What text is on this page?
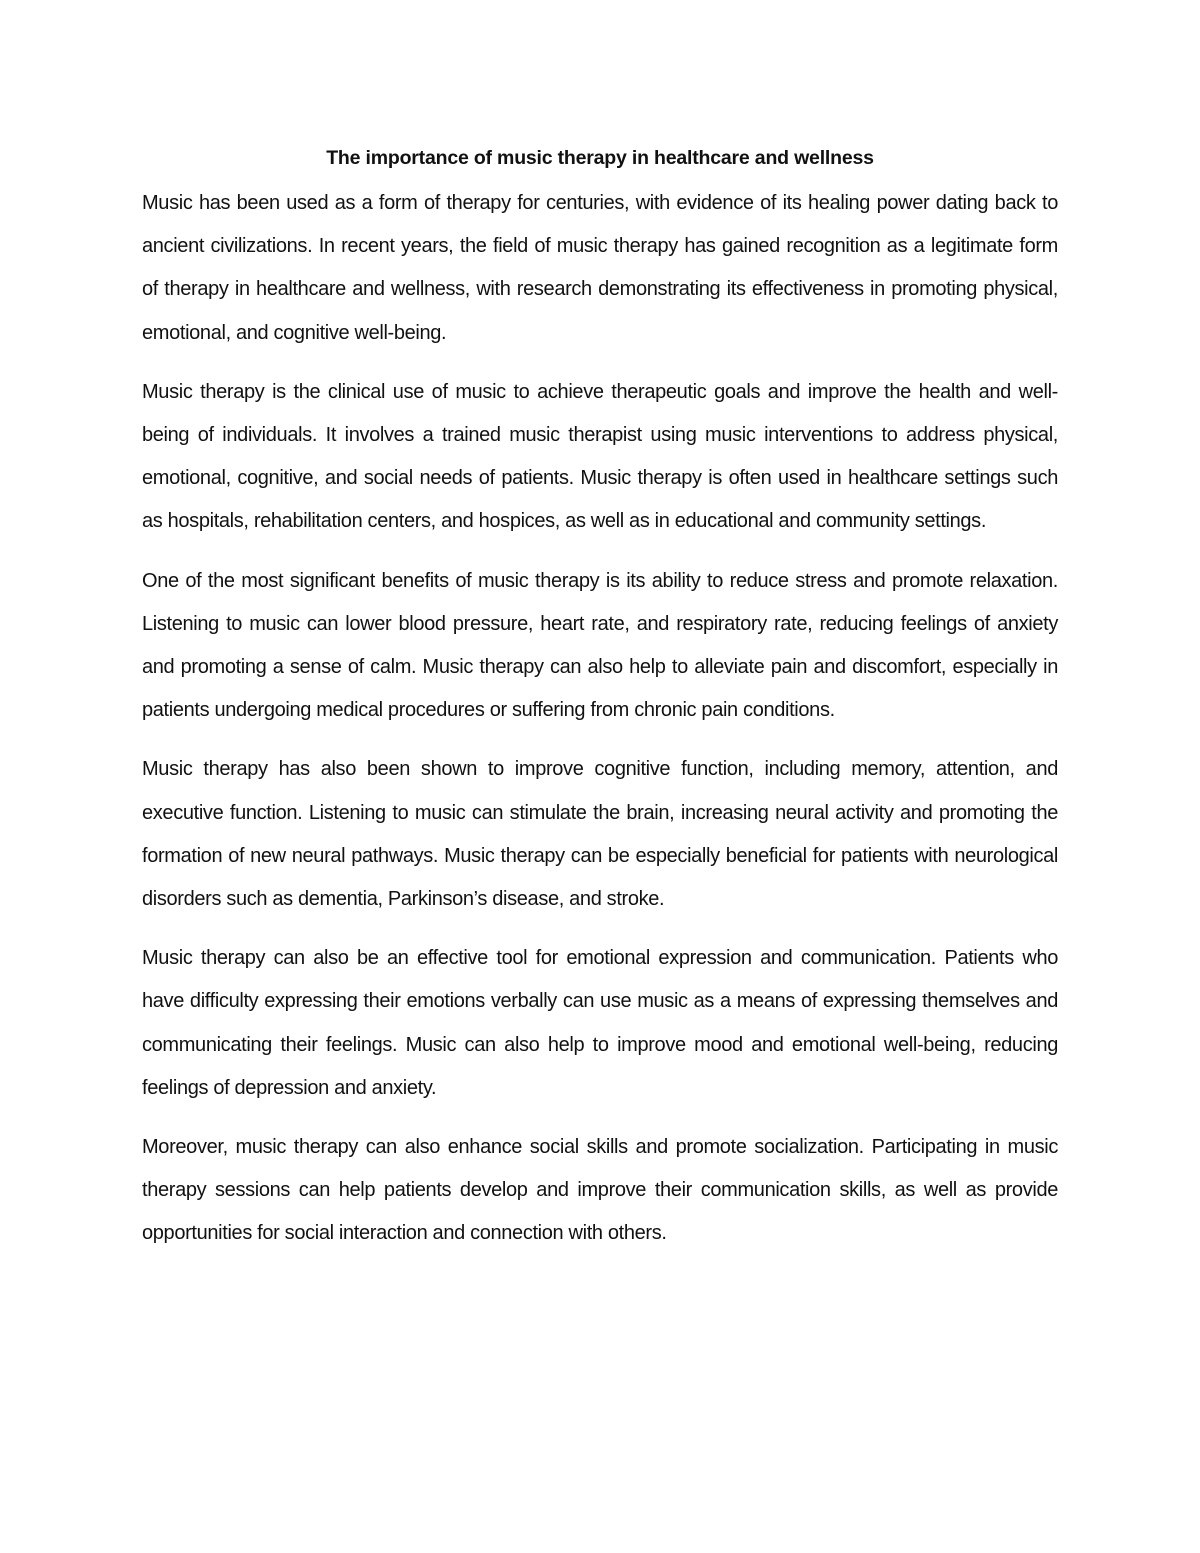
The importance of music therapy in healthcare and wellness

Music has been used as a form of therapy for centuries, with evidence of its healing power dating back to ancient civilizations. In recent years, the field of music therapy has gained recognition as a legitimate form of therapy in healthcare and wellness, with research demonstrating its effectiveness in promoting physical, emotional, and cognitive well-being.

Music therapy is the clinical use of music to achieve therapeutic goals and improve the health and well-being of individuals. It involves a trained music therapist using music interventions to address physical, emotional, cognitive, and social needs of patients. Music therapy is often used in healthcare settings such as hospitals, rehabilitation centers, and hospices, as well as in educational and community settings.

One of the most significant benefits of music therapy is its ability to reduce stress and promote relaxation. Listening to music can lower blood pressure, heart rate, and respiratory rate, reducing feelings of anxiety and promoting a sense of calm. Music therapy can also help to alleviate pain and discomfort, especially in patients undergoing medical procedures or suffering from chronic pain conditions.

Music therapy has also been shown to improve cognitive function, including memory, attention, and executive function. Listening to music can stimulate the brain, increasing neural activity and promoting the formation of new neural pathways. Music therapy can be especially beneficial for patients with neurological disorders such as dementia, Parkinson’s disease, and stroke.

Music therapy can also be an effective tool for emotional expression and communication. Patients who have difficulty expressing their emotions verbally can use music as a means of expressing themselves and communicating their feelings. Music can also help to improve mood and emotional well-being, reducing feelings of depression and anxiety.

Moreover, music therapy can also enhance social skills and promote socialization. Participating in music therapy sessions can help patients develop and improve their communication skills, as well as provide opportunities for social interaction and connection with others.
